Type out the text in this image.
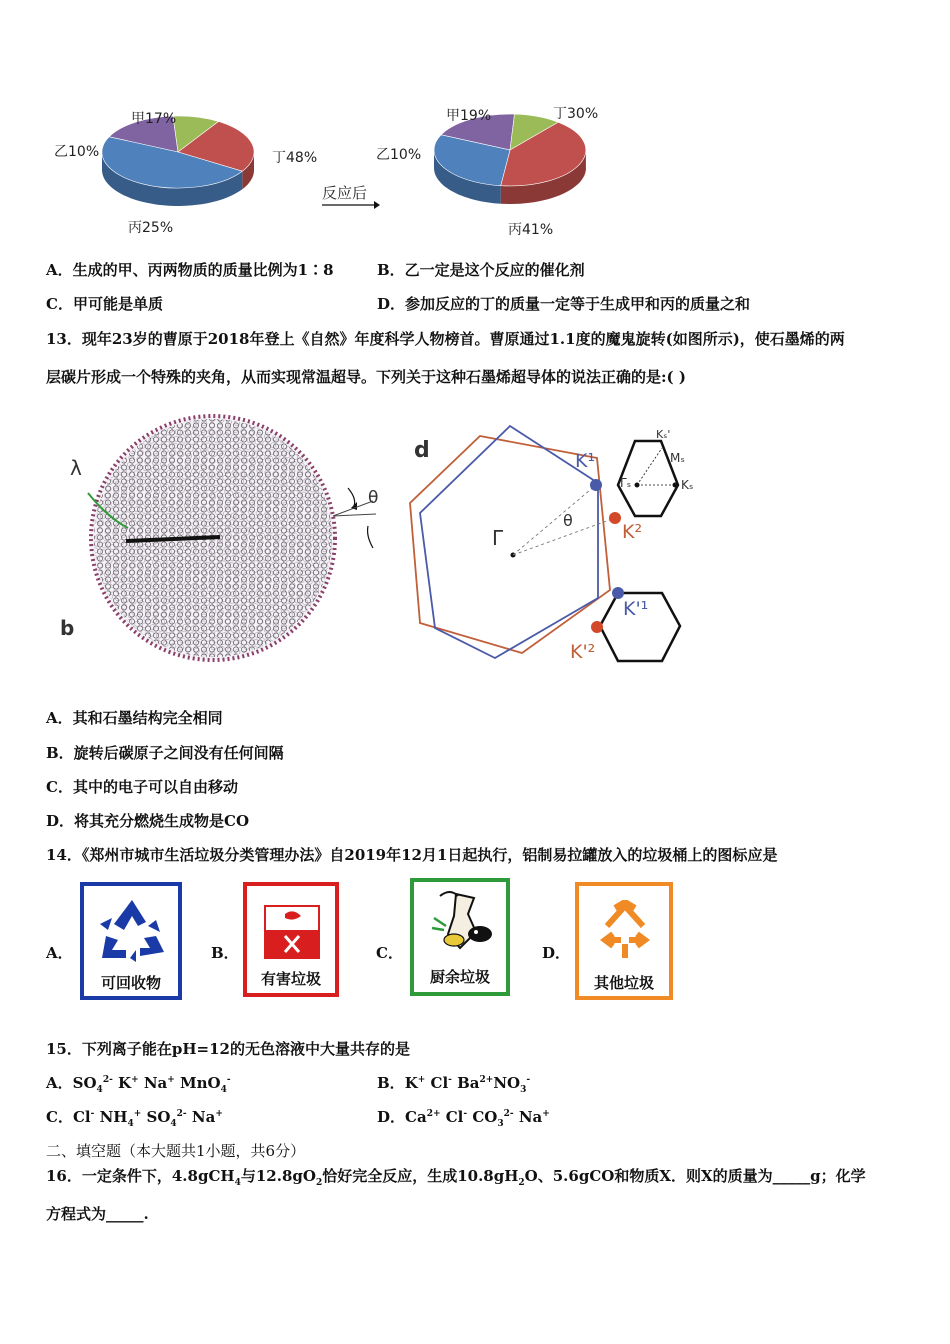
甲17%
乙10%	丁48%
丙25%
反应后
甲19%	丁30%
乙10%
丙41%
A．生成的甲、丙两物质的质量比例为1∶8	B．乙一定是这个反应的催化剂
C．甲可能是单质	D．参加反应的丁的质量一定等于生成甲和丙的质量之和
13．现年23岁的曹原于2018年登上《自然》年度科学人物榜首。曹原通过1.1度的魔鬼旋转(如图所示)，使石墨烯的两
层碳片形成一个特殊的夹角，从而实现常温超导。下列关于这种石墨烯超导体的说法正确的是:( )
b
λ
θ
d
Γ
θ
K¹
K²
K'¹
K'²
Kₛ'
Mₛ
Γₛ	Kₛ
A．其和石墨结构完全相同
B．旋转后碳原子之间没有任何间隔
C．其中的电子可以自由移动
D．将其充分燃烧生成物是CO
14．《郑州市城市生活垃圾分类管理办法》自2019年12月1日起执行，铝制易拉罐放入的垃圾桶上的图标应是
A．
可回收物
B．
有害垃圾
C．
厨余垃圾
D．
其他垃圾
15．下列离子能在pH=12的无色溶液中大量共存的是
A．$SO_4^{2-}$ K+ Na+ MnO$_4$-	B．K+ Cl- $Ba^{2+}NO_3^-$
C．Cl- $NH_4^+$ $SO_4^{2-}$ Na+	D．$Ca^{2+}$ Cl- $CO_3^{2-}$ Na+
二、填空题（本大题共1小题，共6分）
16．一定条件下，4.8gCH$_4$与$12.8gO_2$恰好完全反应，生成$10.8gH_2O$、5.6gCO和物质X．则X的质量为_____g；化学
方程式为_____.
